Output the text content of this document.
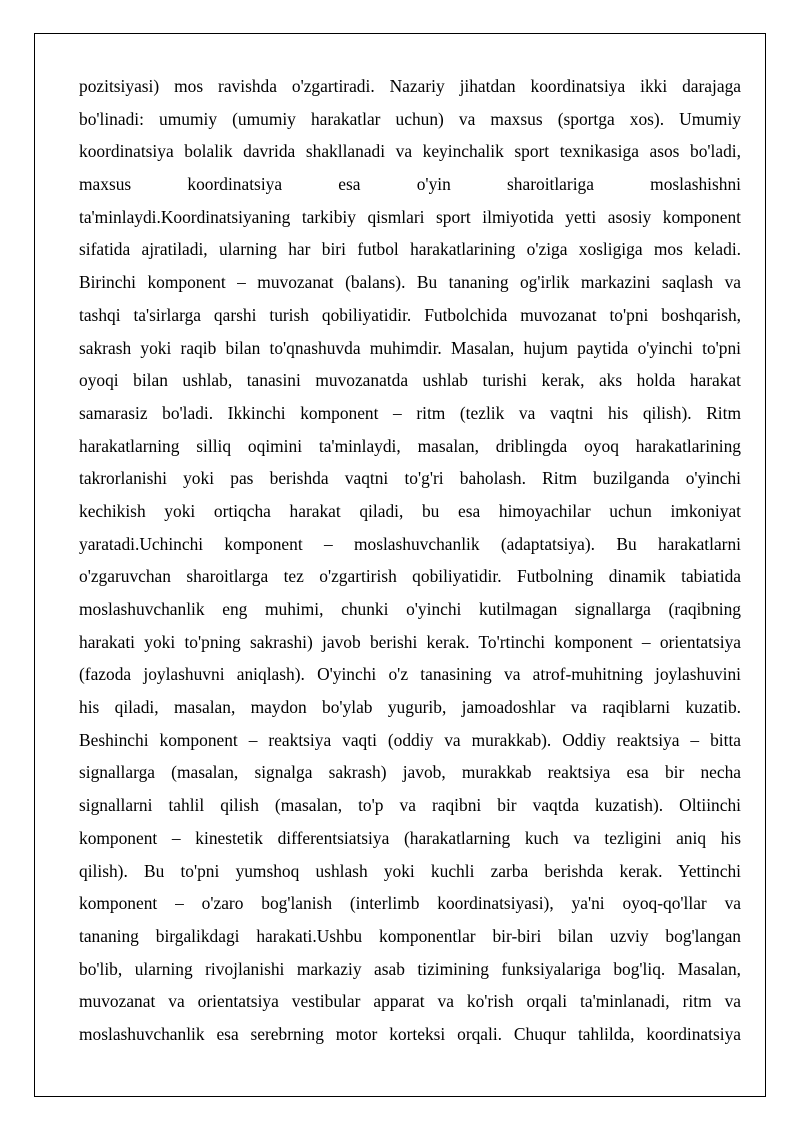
pozitsiyasi) mos ravishda o'zgartiradi. Nazariy jihatdan koordinatsiya ikki darajaga
bo'linadi: umumiy (umumiy harakatlar uchun) va maxsus (sportga xos). Umumiy
koordinatsiya bolalik davrida shakllanadi va keyinchalik sport texnikasiga asos bo'ladi,
maxsus koordinatsiya esa o'yin sharoitlariga moslashishni
ta'minlaydi.Koordinatsiyaning tarkibiy qismlari sport ilmiyotida yetti asosiy komponent
sifatida ajratiladi, ularning har biri futbol harakatlarining o'ziga xosligiga mos keladi.
Birinchi komponent – muvozanat (balans). Bu tananing og'irlik markazini saqlash va
tashqi ta'sirlarga qarshi turish qobiliyatidir. Futbolchida muvozanat to'pni boshqarish,
sakrash yoki raqib bilan to'qnashuvda muhimdir. Masalan, hujum paytida o'yinchi to'pni
oyoqi bilan ushlab, tanasini muvozanatda ushlab turishi kerak, aks holda harakat
samarasiz bo'ladi. Ikkinchi komponent – ritm (tezlik va vaqtni his qilish). Ritm
harakatlarning silliq oqimini ta'minlaydi, masalan, driblingda oyoq harakatlarining
takrorlanishi yoki pas berishda vaqtni to'g'ri baholash. Ritm buzilganda o'yinchi
kechikish yoki ortiqcha harakat qiladi, bu esa himoyachilar uchun imkoniyat
yaratadi.Uchinchi komponent – moslashuvchanlik (adaptatsiya). Bu harakatlarni
o'zgaruvchan sharoitlarga tez o'zgartirish qobiliyatidir. Futbolning dinamik tabiatida
moslashuvchanlik eng muhimi, chunki o'yinchi kutilmagan signallarga (raqibning
harakati yoki to'pning sakrashi) javob berishi kerak. To'rtinchi komponent – orientatsiya
(fazoda joylashuvni aniqlash). O'yinchi o'z tanasining va atrof-muhitning joylashuvini
his qiladi, masalan, maydon bo'ylab yugurib, jamoadoshlar va raqiblarni kuzatib.
Beshinchi komponent – reaktsiya vaqti (oddiy va murakkab). Oddiy reaktsiya – bitta
signallarga (masalan, signalga sakrash) javob, murakkab reaktsiya esa bir necha
signallarni tahlil qilish (masalan, to'p va raqibni bir vaqtda kuzatish). Oltiinchi
komponent – kinestetik differentsiatsiya (harakatlarning kuch va tezligini aniq his
qilish). Bu to'pni yumshoq ushlash yoki kuchli zarba berishda kerak. Yettinchi
komponent – o'zaro bog'lanish (interlimb koordinatsiyasi), ya'ni oyoq-qo'llar va
tananing birgalikdagi harakati.Ushbu komponentlar bir-biri bilan uzviy bog'langan
bo'lib, ularning rivojlanishi markaziy asab tizimining funksiyalariga bog'liq. Masalan,
muvozanat va orientatsiya vestibular apparat va ko'rish orqali ta'minlanadi, ritm va
moslashuvchanlik esa serebrning motor korteksi orqali. Chuqur tahlilda, koordinatsiya
